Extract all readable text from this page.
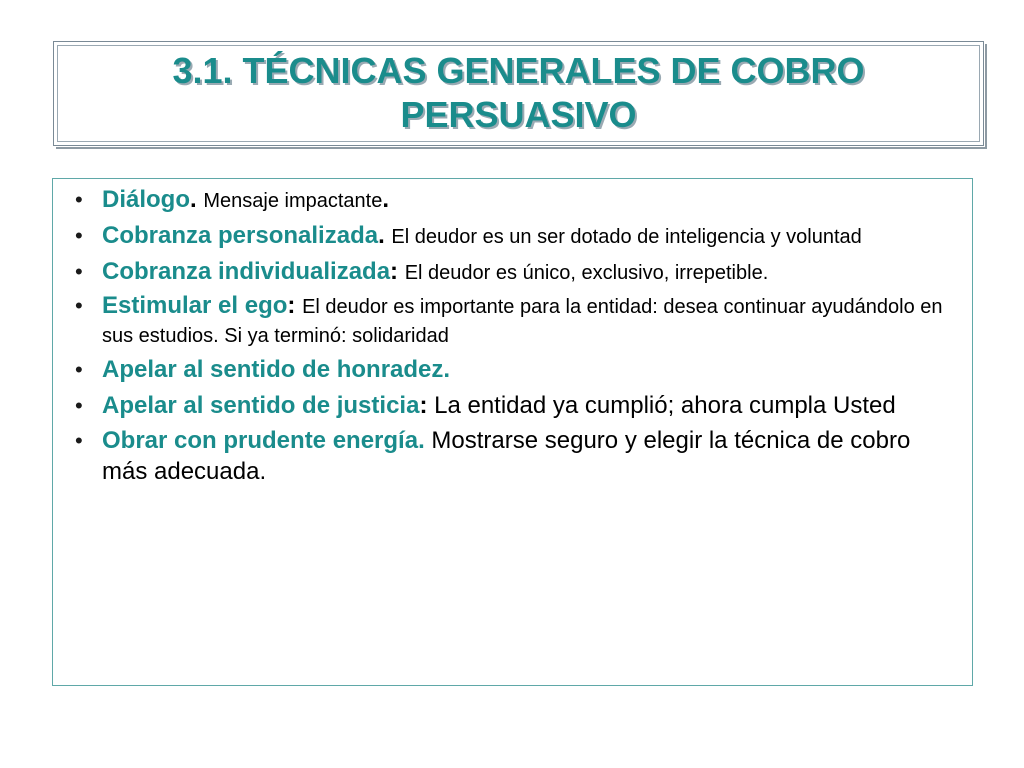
3.1. TÉCNICAS GENERALES DE COBRO
PERSUASIVO
• Diálogo. Mensaje impactante.
• Cobranza personalizada. El deudor es un ser dotado de inteligencia y voluntad
• Cobranza individualizada: El deudor es único, exclusivo, irrepetible.
• Estimular el ego: El deudor es importante para la entidad: desea continuar ayudándolo en sus estudios. Si ya terminó: solidaridad
• Apelar al sentido de honradez.
• Apelar al sentido de justicia: La entidad ya cumplió; ahora cumpla Usted
• Obrar con prudente energía. Mostrarse seguro y elegir la técnica de cobro más adecuada.
